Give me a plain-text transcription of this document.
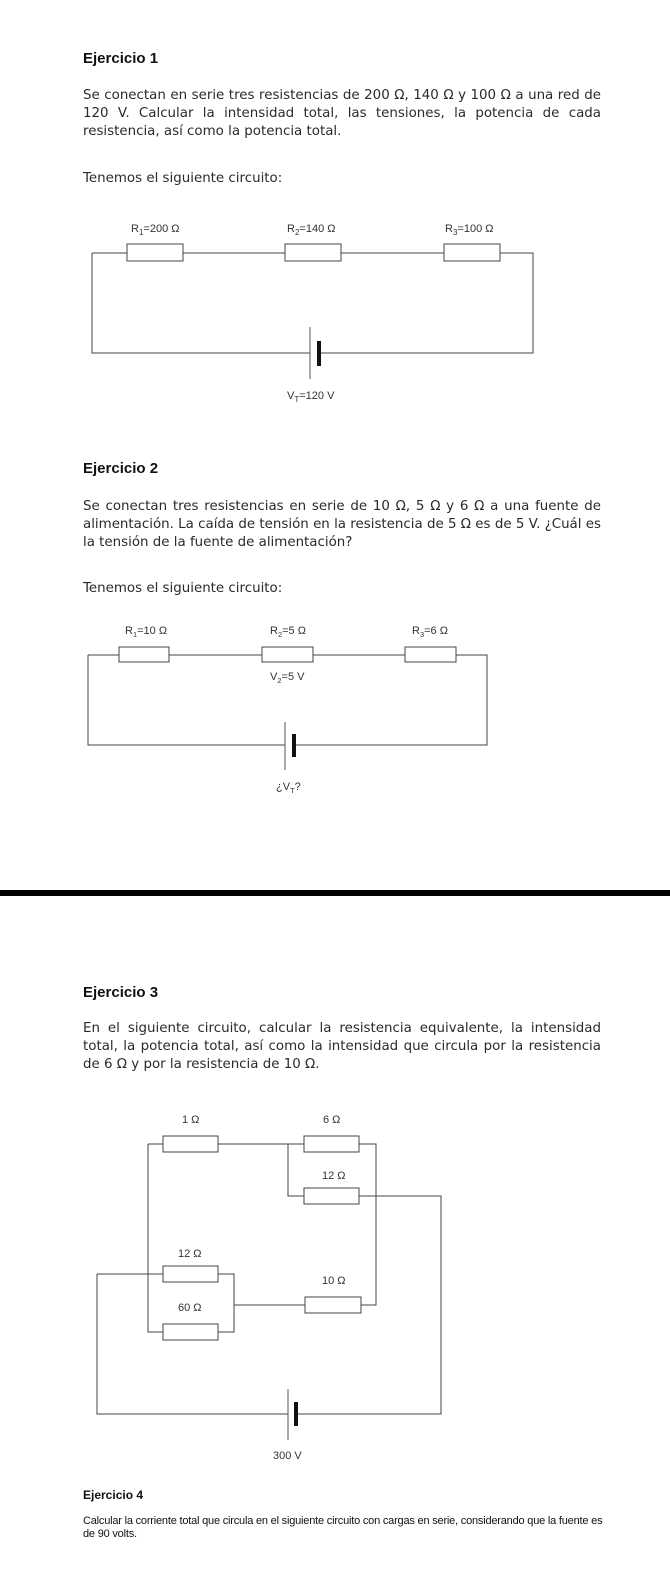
Ejercicio 1
Se conectan en serie tres resistencias de 200 Ω, 140 Ω y 100 Ω a una red de 120 V. Calcular la intensidad total, las tensiones, la potencia de cada resistencia, así como la potencia total.
Tenemos el siguiente circuito:
$R_1=200$ Ω	$R_2=140$ Ω	$R_3=100$ Ω
$V_T=120$ V
Ejercicio 2
Se conectan tres resistencias en serie de 10 Ω, 5 Ω y 6 Ω a una fuente de alimentación. La caída de tensión en la resistencia de 5 Ω es de 5 V. ¿Cuál es la tensión de la fuente de alimentación?
Tenemos el siguiente circuito:
$R_1=10$ Ω	$R_2=5$ Ω	$R_3=6$ Ω
$V_2=5$ V
¿$V_T$?
Ejercicio 3
En el siguiente circuito, calcular la resistencia equivalente, la intensidad total, la potencia total, así como la intensidad que circula por la resistencia de 6 Ω y por la resistencia de 10 Ω.
1 Ω	6 Ω
12 Ω
12 Ω
60 Ω
10 Ω
300 V
Ejercicio 4
Calcular la corriente total que circula en el siguiente circuito con cargas en serie, considerando que la fuente es de 90 volts.
